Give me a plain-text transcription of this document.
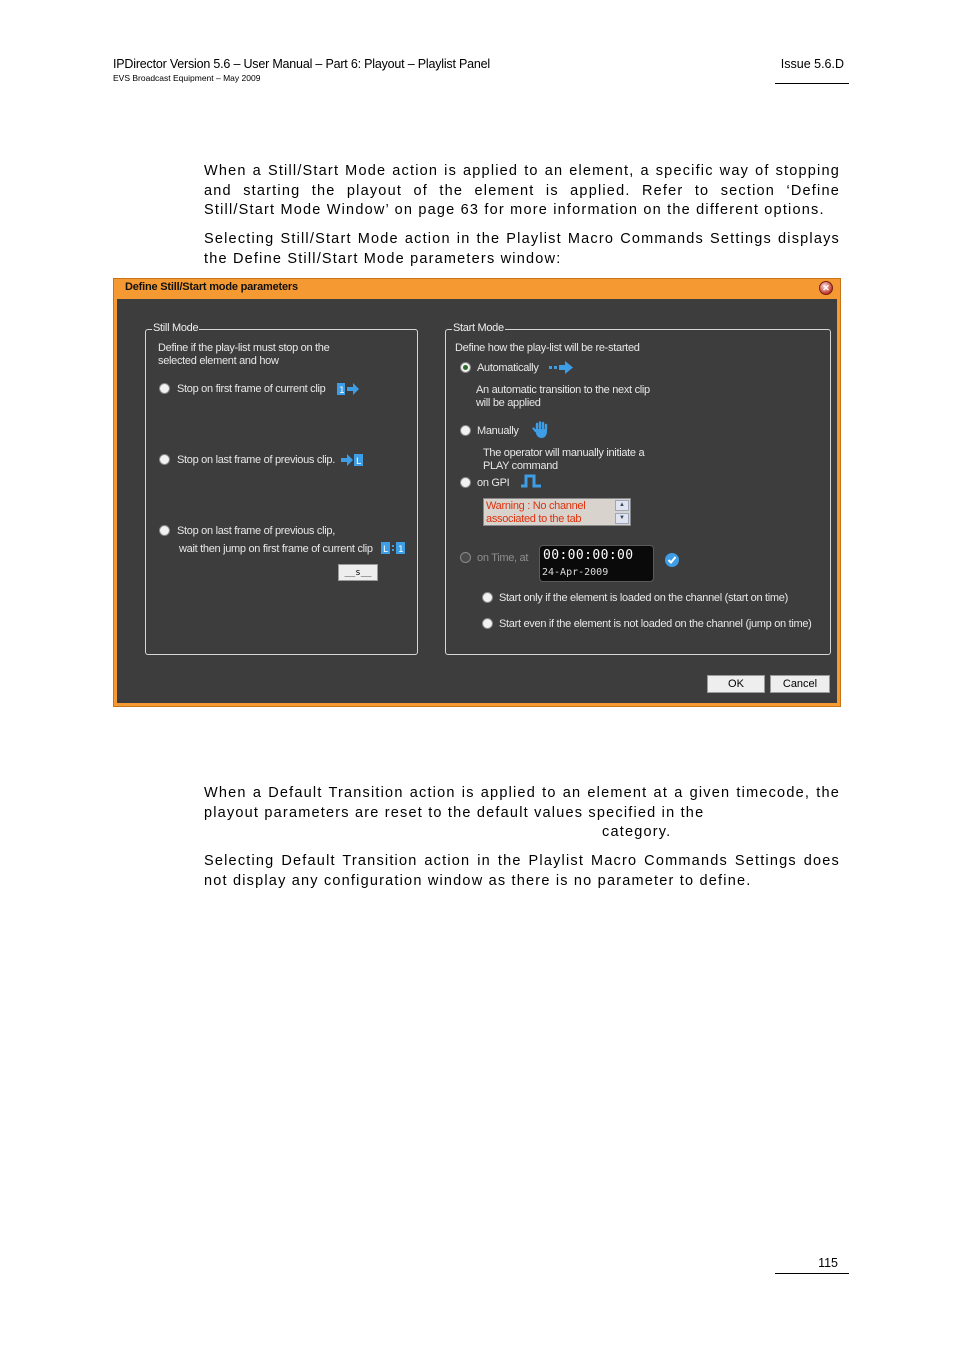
IPDirector Version 5.6 – User Manual – Part 6: Playout – Playlist Panel
EVS Broadcast Equipment – May 2009
Issue 5.6.D
When a Still/Start Mode action is applied to an element, a specific way of stopping and starting the playout of the element is applied. Refer to section ‘Define Still/Start Mode Window’ on page 63 for more information on the different options.
Selecting Still/Start Mode action in the Playlist Macro Commands Settings displays the Define Still/Start Mode parameters window:
Define Still/Start mode parameters	✕
Still Mode
Define if the play-list must stop on the
selected element and how
Stop on first frame of current clip 1
Stop on last frame of previous clip. L
Stop on last frame of previous clip,
wait then jump on first frame of current clip L 1
__s__
Start Mode
Define how the play-list will be re-started
Automatically
An automatic transition to the next clip
will be applied
Manually
The operator will manually initiate a
PLAY command
on GPI
Warning : No channel
associated to the tab
▲
▼
on Time, at 00:00:00:00
24-Apr-2009
Start only if the element is loaded on the channel (start on time)
Start even if the element is not loaded on the channel (jump on time)
OK	Cancel
When a Default Transition action is applied to an element at a given timecode, the playout parameters are reset to the default values specified in the

category.
Selecting Default Transition action in the Playlist Macro Commands Settings does not display any configuration window as there is no parameter to define.
115
